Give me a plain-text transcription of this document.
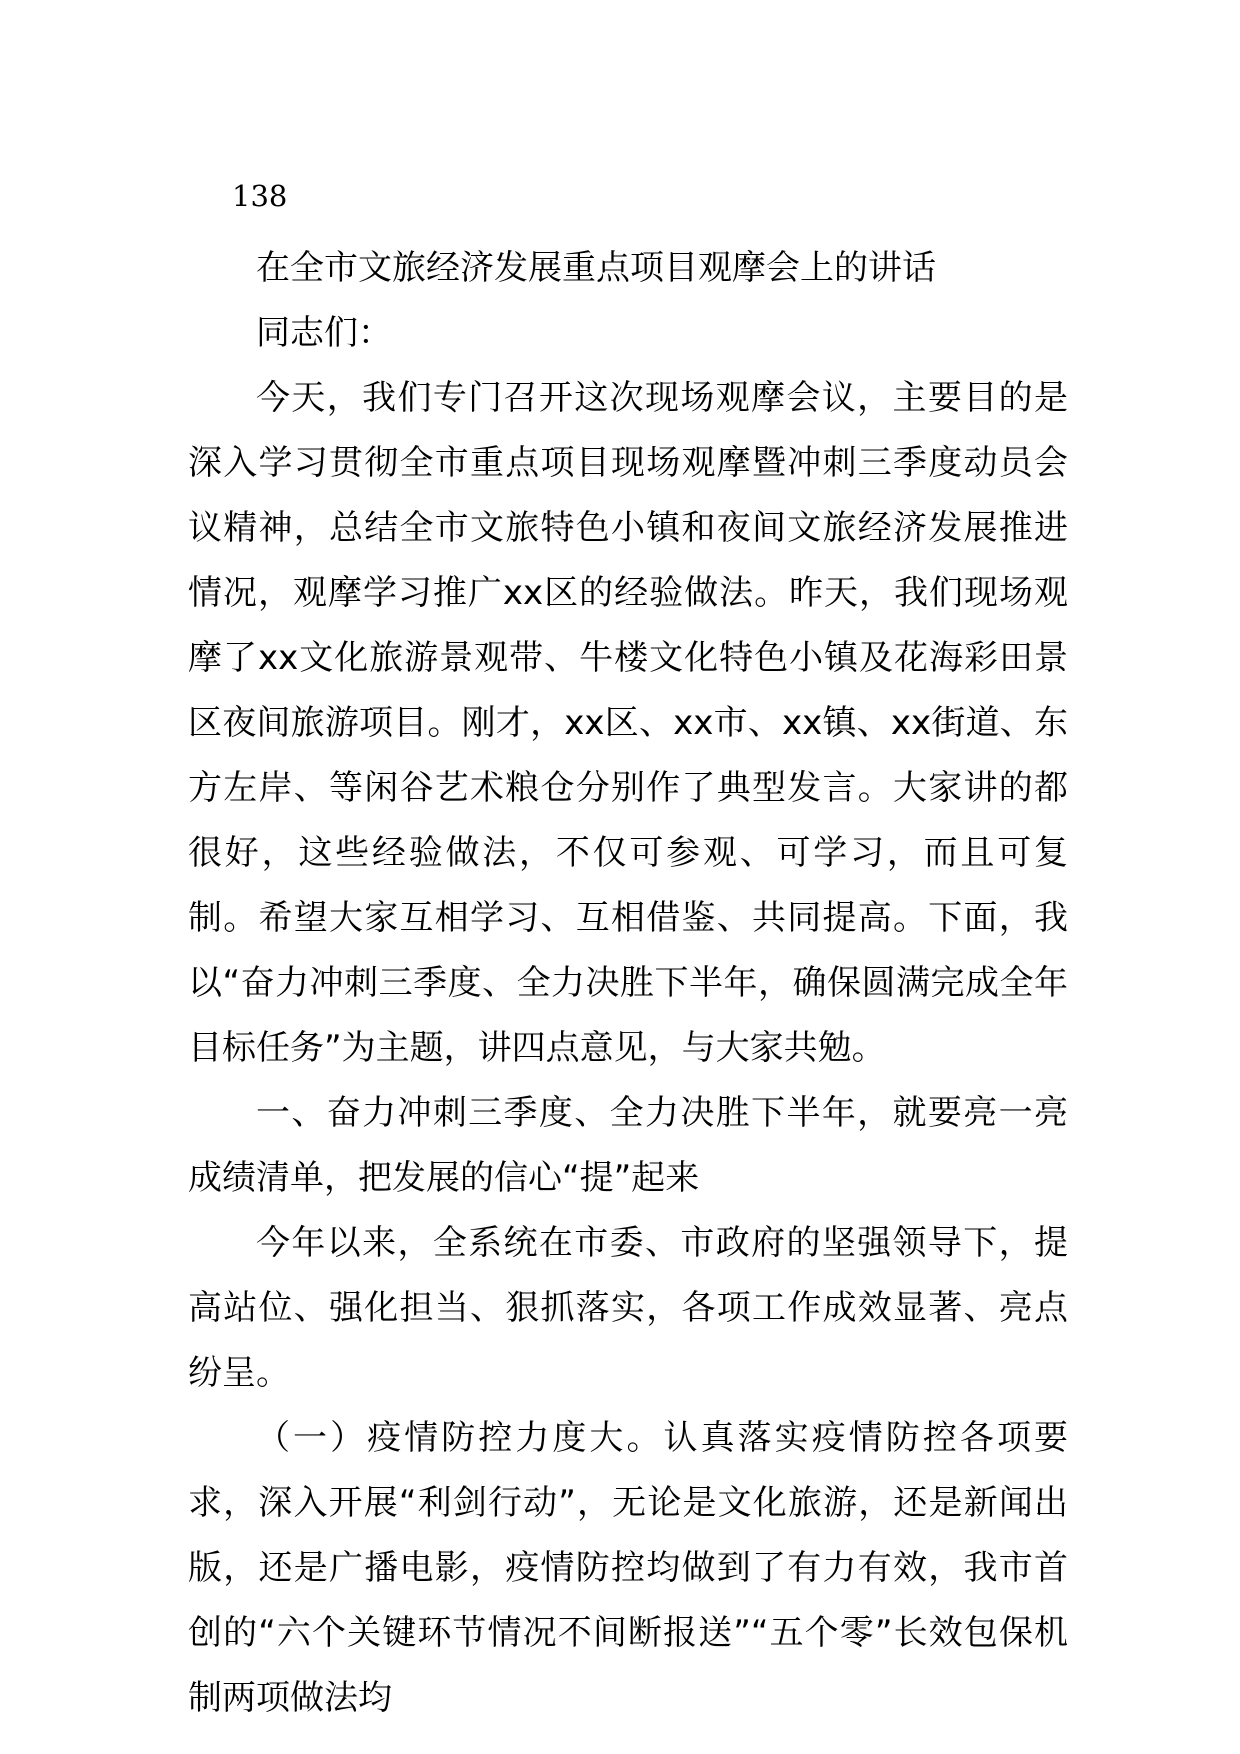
138

在全市文旅经济发展重点项目观摩会上的讲话

同志们：

今天，我们专门召开这次现场观摩会议，主要目的是深入学习贯彻全市重点项目现场观摩暨冲刺三季度动员会议精神，总结全市文旅特色小镇和夜间文旅经济发展推进情况，观摩学习推广xx区的经验做法。昨天，我们现场观摩了xx文化旅游景观带、牛楼文化特色小镇及花海彩田景区夜间旅游项目。刚才，xx区、xx市、xx镇、xx街道、东方左岸、等闲谷艺术粮仓分别作了典型发言。大家讲的都很好，这些经验做法，不仅可参观、可学习，而且可复制。希望大家互相学习、互相借鉴、共同提高。下面，我以“奋力冲刺三季度、全力决胜下半年，确保圆满完成全年目标任务”为主题，讲四点意见，与大家共勉。

一、奋力冲刺三季度、全力决胜下半年，就要亮一亮成绩清单，把发展的信心“提”起来

今年以来，全系统在市委、市政府的坚强领导下，提高站位、强化担当、狠抓落实，各项工作成效显著、亮点纷呈。

（一）疫情防控力度大。认真落实疫情防控各项要求，深入开展“利剑行动”，无论是文化旅游，还是新闻出版，还是广播电影，疫情防控均做到了有力有效，我市首创的“六个关键环节情况不间断报送”“五个零”长效包保机制两项做法均
